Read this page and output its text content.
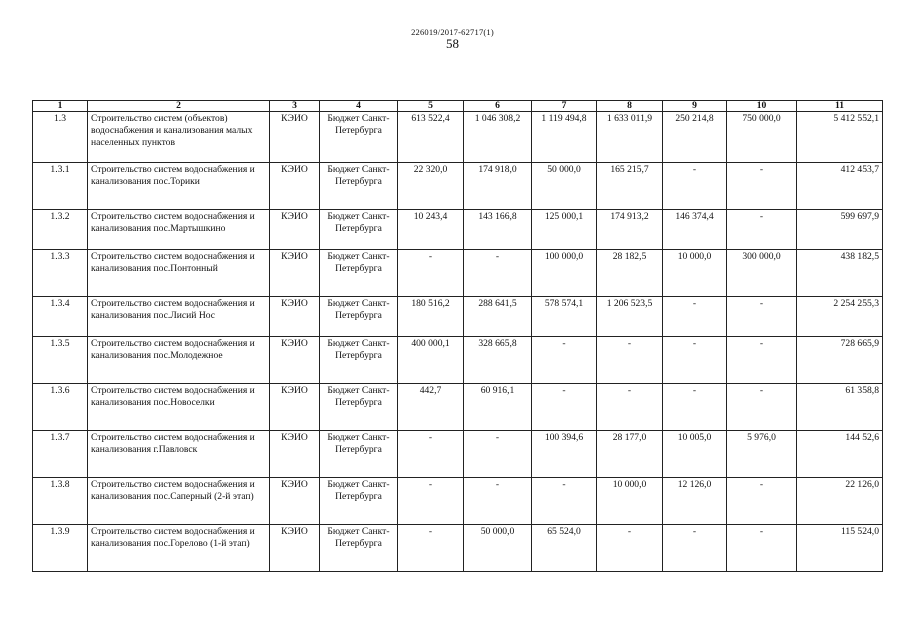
226019/2017-62717(1)
58
1	2	3	4	5	6	7	8	9	10	11
1.3	Строительство систем (объектов) водоснабжения и канализования малых населенных пунктов	КЭИО	Бюджет Санкт-Петербурга	613 522,4	1 046 308,2	1 119 494,8	1 633 011,9	250 214,8	750 000,0	5 412 552,1
1.3.1	Строительство систем водоснабжения и канализования пос.Торики	КЭИО	Бюджет Санкт-Петербурга	22 320,0	174 918,0	50 000,0	165 215,7	-	-	412 453,7
1.3.2	Строительство систем водоснабжения и канализования пос.Мартышкино	КЭИО	Бюджет Санкт-Петербурга	10 243,4	143 166,8	125 000,1	174 913,2	146 374,4	-	599 697,9
1.3.3	Строительство систем водоснабжения и канализования пос.Понтонный	КЭИО	Бюджет Санкт-Петербурга	-	-	100 000,0	28 182,5	10 000,0	300 000,0	438 182,5
1.3.4	Строительство систем водоснабжения и канализования пос.Лисий Нос	КЭИО	Бюджет Санкт-Петербурга	180 516,2	288 641,5	578 574,1	1 206 523,5	-	-	2 254 255,3
1.3.5	Строительство систем водоснабжения и канализования пос.Молодежное	КЭИО	Бюджет Санкт-Петербурга	400 000,1	328 665,8	-	-	-	-	728 665,9
1.3.6	Строительство систем водоснабжения и канализования пос.Новоселки	КЭИО	Бюджет Санкт-Петербурга	442,7	60 916,1	-	-	-	-	61 358,8
1.3.7	Строительство систем водоснабжения и канализования г.Павловск	КЭИО	Бюджет Санкт-Петербурга	-	-	100 394,6	28 177,0	10 005,0	5 976,0	144 52,6
1.3.8	Строительство систем водоснабжения и канализования пос.Саперный (2-й этап)	КЭИО	Бюджет Санкт-Петербурга	-	-	-	10 000,0	12 126,0	-	22 126,0
1.3.9	Строительство систем водоснабжения и канализования пос.Горелово (1-й этап)	КЭИО	Бюджет Санкт-Петербурга	-	50 000,0	65 524,0	-	-	-	115 524,0
